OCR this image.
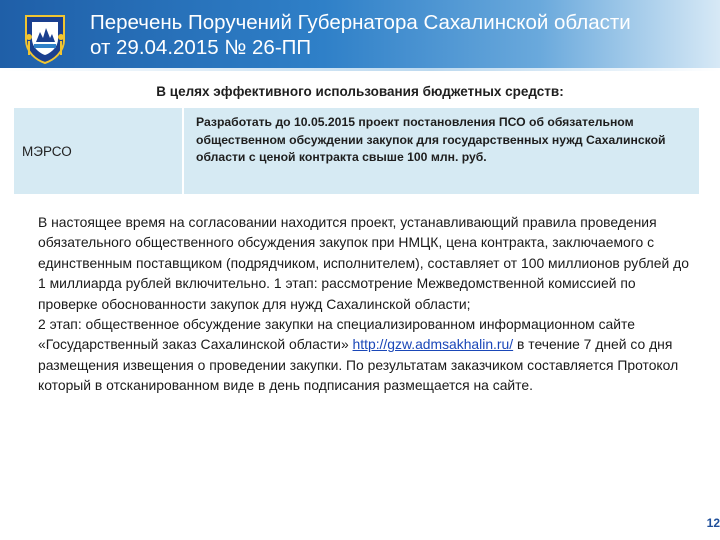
Перечень Поручений Губернатора Сахалинской области от 29.04.2015 № 26-ПП
В целях эффективного использования бюджетных средств:
МЭРСО
Разработать до 10.05.2015 проект постановления ПСО об обязательном общественном обсуждении закупок для государственных нужд Сахалинской области с ценой контракта свыше 100 млн. руб.

В настоящее время на согласовании находится проект, устанавливающий правила проведения обязательного общественного обсуждения закупок при НМЦК, цена контракта, заключаемого с единственным поставщиком (подрядчиком, исполнителем), составляет от 100 миллионов рублей до 1 миллиарда рублей включительно. 1 этап: рассмотрение Межведомственной комиссией по проверке обоснованности закупок для нужд Сахалинской области;

2 этап: общественное обсуждение закупки на специализированном информационном сайте «Государственный заказ Сахалинской области» http://gzw.admsakhalin.ru/ в течение 7 дней со дня размещения извещения о проведении закупки. По результатам заказчиком составляется Протокол который в отсканированном виде в день подписания размещается на сайте.

12
